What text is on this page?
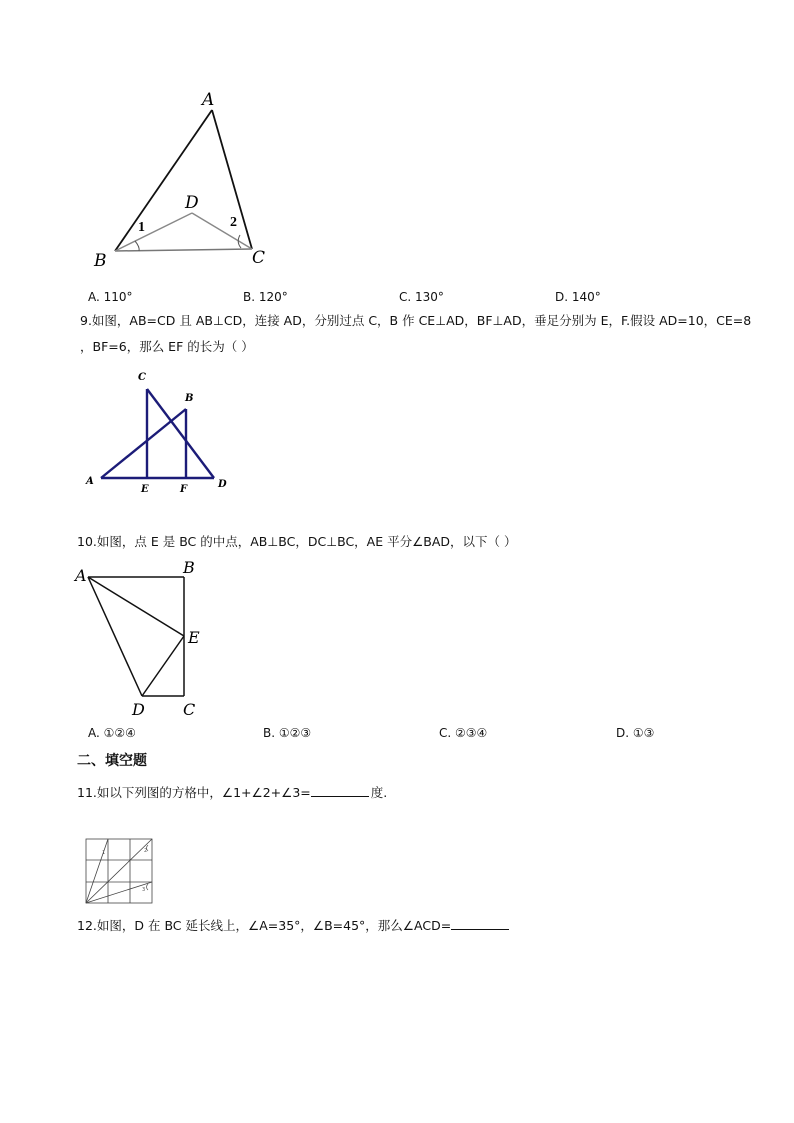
A
B	C
D
1	2
A. 110°	B. 120°	C. 130°	D. 140°
9.如图，AB=CD 且 AB⊥CD，连接 AD，分别过点 C，B 作 CE⊥AD，BF⊥AD，垂足分别为 E，F.假设 AD=10，CE=8
，BF=6，那么 EF 的长为（ ）
C
B
A
E	F	D
10.如图，点 E 是 BC 的中点，AB⊥BC，DC⊥BC，AE 平分∠BAD，以下（ ）
A	B
E
D C
A. ①②④	B. ①②③	C. ②③④	D. ①③
二、填空题
11.如以下列图的方格中，∠1+∠2+∠3=	度.
1	2
3
12.如图，D 在 BC 延长线上，∠A=35°，∠B=45°，那么∠ACD=
